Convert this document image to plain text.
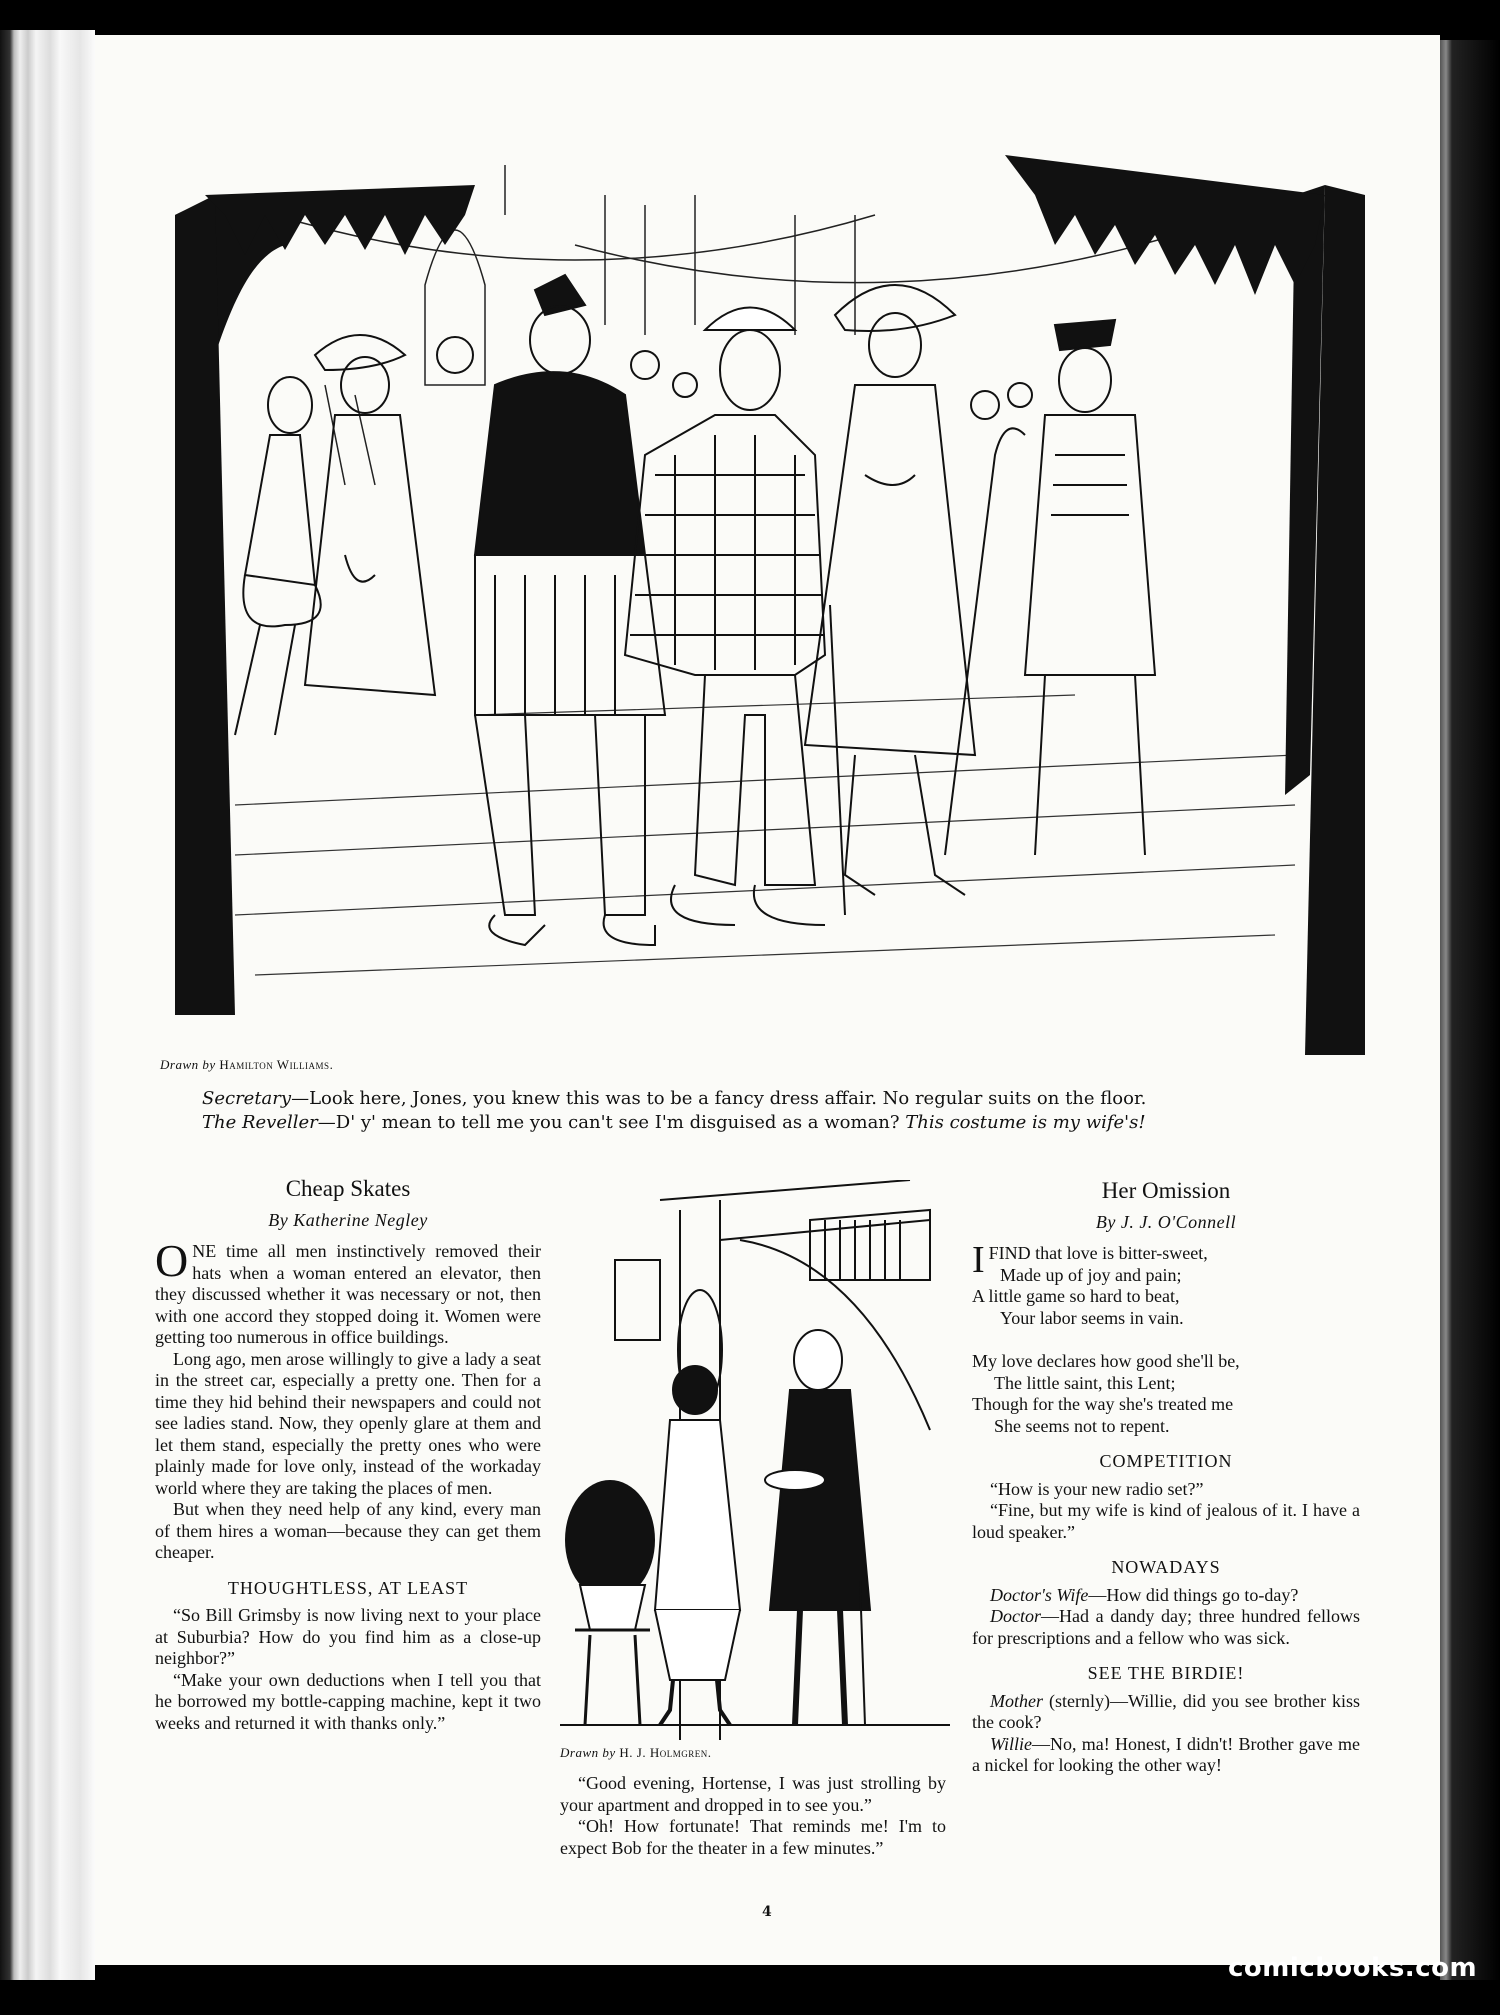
Drawn by Hamilton Williams.
Secretary—Look here, Jones, you knew this was to be a fancy dress affair. No regular suits on the floor.
The Reveller—D' y' mean to tell me you can't see I'm disguised as a woman? This costume is my wife's!
Cheap Skates
By Katherine Negley

ONE time all men instinctively removed their hats when a woman entered an elevator, then they discussed whether it was necessary or not, then with one accord they stopped doing it. Women were getting too numerous in office buildings.

Long ago, men arose willingly to give a lady a seat in the street car, especially a pretty one. Then for a time they hid behind their newspapers and could not see ladies stand. Now, they openly glare at them and let them stand, especially the pretty ones who were plainly made for love only, instead of the workaday world where they are taking the places of men.

But when they need help of any kind, every man of them hires a woman—because they can get them cheaper.

THOUGHTLESS, AT LEAST

“So Bill Grimsby is now living next to your place at Suburbia? How do you find him as a close-up neighbor?”

“Make your own deductions when I tell you that he borrowed my bottle-capping machine, kept it two weeks and returned it with thanks only.”

Drawn by H. J. Holmgren.

“Good evening, Hortense, I was just strolling by your apartment and dropped in to see you.”

“Oh! How fortunate! That reminds me! I'm to expect Bob for the theater in a few minutes.”

Her Omission
By J. J. O'Connell
IFIND that love is bitter-sweet,
Made up of joy and pain;
A little game so hard to beat,
Your labor seems in vain.
My love declares how good she'll be,
The little saint, this Lent;
Though for the way she's treated me
She seems not to repent.
COMPETITION

“How is your new radio set?”

“Fine, but my wife is kind of jealous of it. I have a loud speaker.”

NOWADAYS

Doctor's Wife—How did things go to-day?

Doctor—Had a dandy day; three hundred fellows for prescriptions and a fellow who was sick.

SEE THE BIRDIE!

Mother (sternly)—Willie, did you see brother kiss the cook?

Willie—No, ma! Honest, I didn't! Brother gave me a nickel for looking the other way!

4
comicbooks.com
